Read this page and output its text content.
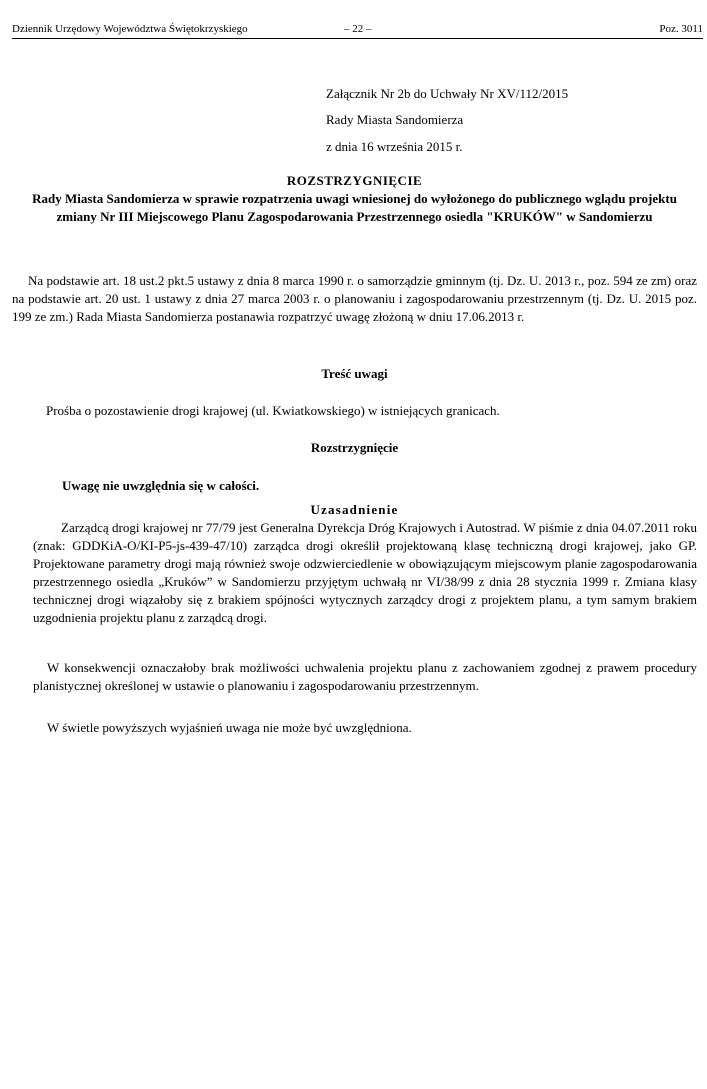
Dziennik Urzędowy Województwa Świętokrzyskiego	– 22 –	Poz. 3011
Załącznik Nr 2b do Uchwały Nr XV/112/2015
Rady Miasta Sandomierza
z dnia 16 września 2015 r.
ROZSTRZYGNIĘCIE
Rady Miasta Sandomierza w sprawie rozpatrzenia uwagi wniesionej do wyłożonego do publicznego wglądu projektu zmiany Nr III Miejscowego Planu Zagospodarowania Przestrzennego osiedla "KRUKÓW" w Sandomierzu
Na podstawie art. 18 ust.2 pkt.5 ustawy z dnia 8 marca 1990 r. o samorządzie gminnym (tj. Dz. U. 2013 r., poz. 594 ze zm) oraz na podstawie art. 20 ust. 1 ustawy z dnia 27 marca 2003 r. o planowaniu i zagospodarowaniu przestrzennym (tj. Dz. U. 2015 poz. 199 ze zm.) Rada Miasta Sandomierza postanawia rozpatrzyć uwagę złożoną w dniu 17.06.2013 r.
Treść uwagi
Prośba o pozostawienie drogi krajowej (ul. Kwiatkowskiego) w istniejących granicach.
Rozstrzygnięcie
Uwagę nie uwzględnia się w całości.
Uzasadnienie
Zarządcą drogi krajowej nr 77/79 jest Generalna Dyrekcja Dróg Krajowych i Autostrad. W piśmie z dnia 04.07.2011 roku (znak: GDDKiA-O/KI-P5-js-439-47/10) zarządca drogi określił projektowaną klasę techniczną drogi krajowej, jako GP. Projektowane parametry drogi mają również swoje odzwierciedlenie w obowiązującym miejscowym planie zagospodarowania przestrzennego osiedla „Kruków” w Sandomierzu przyjętym uchwałą nr VI/38/99 z dnia 28 stycznia 1999 r. Zmiana klasy technicznej drogi wiązałoby się z brakiem spójności wytycznych zarządcy drogi z projektem planu, a tym samym brakiem uzgodnienia projektu planu z zarządcą drogi.
W konsekwencji oznaczałoby brak możliwości uchwalenia projektu planu z zachowaniem zgodnej z prawem procedury planistycznej określonej w ustawie o planowaniu i zagospodarowaniu przestrzennym.
W świetle powyższych wyjaśnień uwaga nie może być uwzględniona.
